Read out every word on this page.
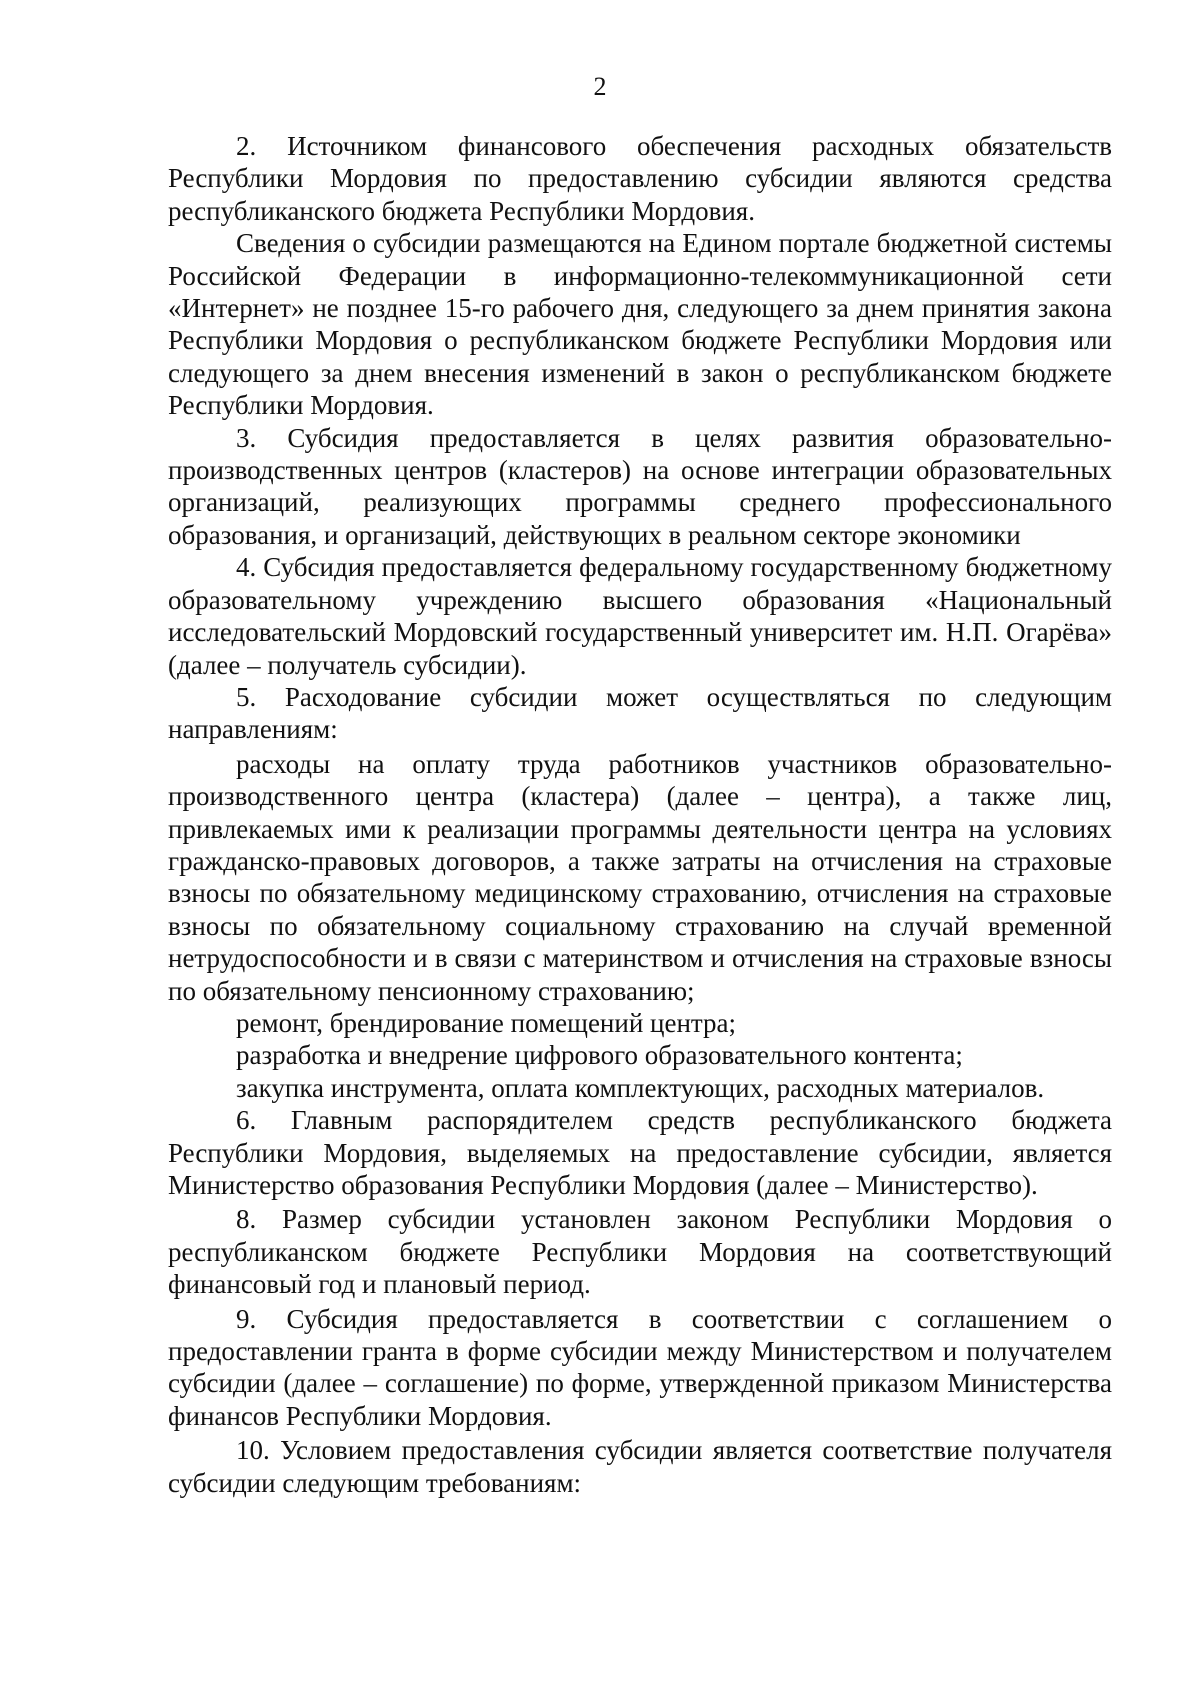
2

2. Источником финансового обеспечения расходных обязательств Республики Мордовия по предоставлению субсидии являются средства республиканского бюджета Республики Мордовия.

Сведения о субсидии размещаются на Едином портале бюджетной системы Российской Федерации в информационно-телекоммуникационной сети «Интернет» не позднее 15-го рабочего дня, следующего за днем принятия закона Республики Мордовия о республиканском бюджете Республики Мордовия или следующего за днем внесения изменений в закон о республиканском бюджете Республики Мордовия.

3. Субсидия предоставляется в целях развития образовательно-производственных центров (кластеров) на основе интеграции образовательных организаций, реализующих программы среднего профессионального образования, и организаций, действующих в реальном секторе экономики

4. Субсидия предоставляется федеральному государственному бюджетному образовательному учреждению высшего образования «Национальный исследовательский Мордовский государственный университет им. Н.П. Огарёва» (далее – получатель субсидии).

5. Расходование субсидии может осуществляться по следующим направлениям:

расходы на оплату труда работников участников образовательно-производственного центра (кластера) (далее – центра), а также лиц, привлекаемых ими к реализации программы деятельности центра на условиях гражданско-правовых договоров, а также затраты на отчисления на страховые взносы по обязательному медицинскому страхованию, отчисления на страховые взносы по обязательному социальному страхованию на случай временной нетрудоспособности и в связи с материнством и отчисления на страховые взносы по обязательному пенсионному страхованию;

ремонт, брендирование помещений центра;

разработка и внедрение цифрового образовательного контента;

закупка инструмента, оплата комплектующих, расходных материалов.

6. Главным распорядителем средств республиканского бюджета Республики Мордовия, выделяемых на предоставление субсидии, является Министерство образования Республики Мордовия (далее – Министерство).

8. Размер субсидии установлен законом Республики Мордовия о республиканском бюджете Республики Мордовия на соответствующий финансовый год и плановый период.

9. Субсидия предоставляется в соответствии с соглашением о предоставлении гранта в форме субсидии между Министерством и получателем субсидии (далее – соглашение) по форме, утвержденной приказом Министерства финансов Республики Мордовия.

10. Условием предоставления субсидии является соответствие получателя субсидии следующим требованиям:
